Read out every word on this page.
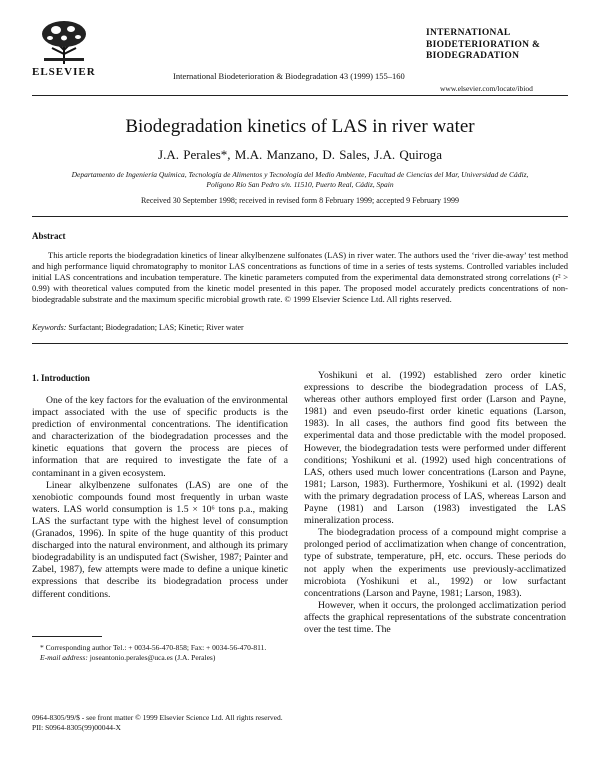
ELSEVIER	International Biodeterioration & Biodegradation 43 (1999) 155–160
INTERNATIONAL
BIODETERIORATION &
BIODEGRADATION
www.elsevier.com/locate/ibiod
Biodegradation kinetics of LAS in river water
J.A. Perales*, M.A. Manzano, D. Sales, J.A. Quiroga
Departamento de Ingeniería Química, Tecnología de Alimentos y Tecnología del Medio Ambiente, Facultad de Ciencias del Mar, Universidad de Cádiz, Polígono Río San Pedro s/n. 11510, Puerto Real, Cádiz, Spain
Received 30 September 1998; received in revised form 8 February 1999; accepted 9 February 1999
Abstract
This article reports the biodegradation kinetics of linear alkylbenzene sulfonates (LAS) in river water. The authors used the ‘river die-away’ test method and high performance liquid chromatography to monitor LAS concentrations as functions of time in a series of tests systems. Controlled variables included initial LAS concentrations and incubation temperature. The kinetic parameters computed from the experimental data demonstrated strong correlations (r² > 0.99) with theoretical values computed from the kinetic model presented in this paper. The proposed model accurately predicts concentrations of non-biodegradable substrate and the maximum specific microbial growth rate. © 1999 Elsevier Science Ltd. All rights reserved.
Keywords: Surfactant; Biodegradation; LAS; Kinetic; River water
1. Introduction

One of the key factors for the evaluation of the environmental impact associated with the use of specific products is the prediction of environmental concentrations. The identification and characterization of the biodegradation processes and the kinetic equations that govern the process are pieces of information that are required to investigate the fate of a contaminant in a given ecosystem.

Linear alkylbenzene sulfonates (LAS) are one of the xenobiotic compounds found most frequently in urban waste waters. LAS world consumption is 1.5 × 10⁶ tons p.a., making LAS the surfactant type with the highest level of consumption (Granados, 1996). In spite of the huge quantity of this product discharged into the natural environment, and although its primary biodegradability is an undisputed fact (Swisher, 1987; Painter and Zabel, 1987), few attempts were made to define a unique kinetic expressions that describe its biodegradation process under different conditions.

Yoshikuni et al. (1992) established zero order kinetic expressions to describe the biodegradation process of LAS, whereas other authors employed first order (Larson and Payne, 1981) and even pseudo-first order kinetic equations (Larson, 1983). In all cases, the authors find good fits between the experimental data and those predictable with the model proposed. However, the biodegradation tests were performed under different conditions; Yoshikuni et al. (1992) used high concentrations of LAS, others used much lower concentrations (Larson and Payne, 1981; Larson, 1983). Furthermore, Yoshikuni et al. (1992) dealt with the primary degradation process of LAS, whereas Larson and Payne (1981) and Larson (1983) investigated the LAS mineralization process.

The biodegradation process of a compound might comprise a prolonged period of acclimatization when change of concentration, type of substrate, temperature, pH, etc. occurs. These periods do not apply when the experiments use previously-acclimatized microbiota (Yoshikuni et al., 1992) or low surfactant concentrations (Larson and Payne, 1981; Larson, 1983).

However, when it occurs, the prolonged acclimatization period affects the graphical representations of the substrate concentration over the test time. The

* Corresponding author Tel.: + 0034-56-470-858; Fax: + 0034-56-470-811.

E-mail address: joseantonio.perales@uca.es (J.A. Perales)

0964-8305/99/$ - see front matter © 1999 Elsevier Science Ltd. All rights reserved.
PII: S0964-8305(99)00044-X
